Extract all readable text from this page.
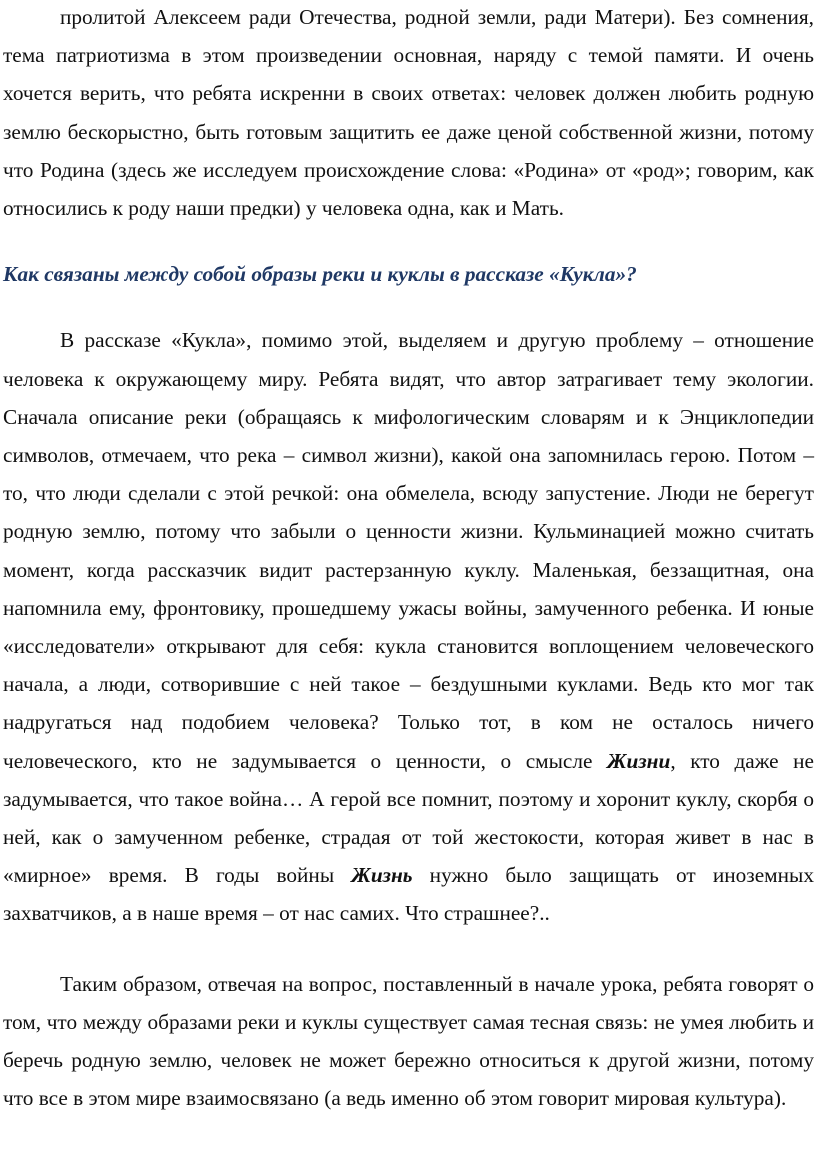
пролитой Алексеем ради Отечества, родной земли, ради Матери). Без сомнения, тема патриотизма в этом произведении основная, наряду с темой памяти. И очень хочется верить, что ребята искренни в своих ответах: человек должен любить родную землю бескорыстно, быть готовым защитить ее даже ценой собственной жизни, потому что Родина (здесь же исследуем происхождение слова: «Родина» от «род»; говорим, как относились к роду наши предки) у человека одна, как и Мать.

Как связаны между собой образы реки и куклы в рассказе «Кукла»?

В рассказе «Кукла», помимо этой, выделяем и другую проблему – отношение человека к окружающему миру. Ребята видят, что автор затрагивает тему экологии. Сначала описание реки (обращаясь к мифологическим словарям и к Энциклопедии символов, отмечаем, что река – символ жизни), какой она запомнилась герою. Потом – то, что люди сделали с этой речкой: она обмелела, всюду запустение. Люди не берегут родную землю, потому что забыли о ценности жизни. Кульминацией можно считать момент, когда рассказчик видит растерзанную куклу. Маленькая, беззащитная, она напомнила ему, фронтовику, прошедшему ужасы войны, замученного ребенка. И юные «исследователи» открывают для себя: кукла становится воплощением человеческого начала, а люди, сотворившие с ней такое – бездушными куклами. Ведь кто мог так надругаться над подобием человека? Только тот, в ком не осталось ничего человеческого, кто не задумывается о ценности, о смысле Жизни, кто даже не задумывается, что такое война… А герой все помнит, поэтому и хоронит куклу, скорбя о ней, как о замученном ребенке, страдая от той жестокости, которая живет в нас в «мирное» время. В годы войны Жизнь нужно было защищать от иноземных захватчиков, а в наше время – от нас самих. Что страшнее?..

Таким образом, отвечая на вопрос, поставленный в начале урока, ребята говорят о том, что между образами реки и куклы существует самая тесная связь: не умея любить и беречь родную землю, человек не может бережно относиться к другой жизни, потому что все в этом мире взаимосвязано (а ведь именно об этом говорит мировая культура).
